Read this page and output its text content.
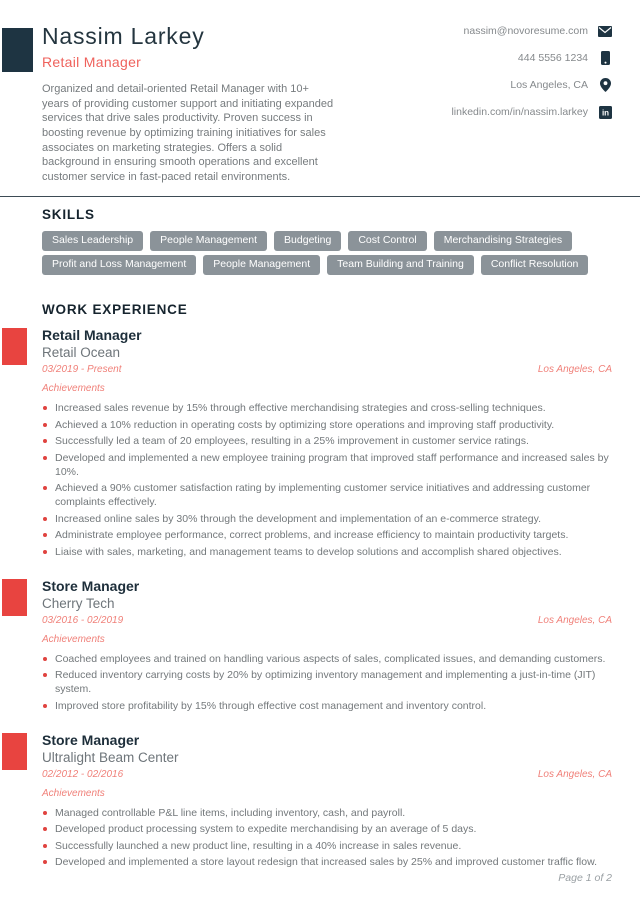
Nassim Larkey
Retail Manager

Organized and detail-oriented Retail Manager with 10+ years of providing customer support and initiating expanded services that drive sales productivity. Proven success in boosting revenue by optimizing training initiatives for sales associates on marketing strategies. Offers a solid background in ensuring smooth operations and excellent customer service in fast-paced retail environments.

nassim@novoresume.com
444 5556 1234
Los Angeles, CA
linkedin.com/in/nassim.larkey in
SKILLS
Sales Leadership	People Management	Budgeting	Cost Control	Merchandising Strategies
Profit and Loss Management	People Management	Team Building and Training	Conflict Resolution
WORK EXPERIENCE
Retail Manager
Retail Ocean
03/2019 - Present	Los Angeles, CA
Achievements
Increased sales revenue by 15% through effective merchandising strategies and cross-selling techniques.
Achieved a 10% reduction in operating costs by optimizing store operations and improving staff productivity.
Successfully led a team of 20 employees, resulting in a 25% improvement in customer service ratings.
Developed and implemented a new employee training program that improved staff performance and increased sales by 10%.
Achieved a 90% customer satisfaction rating by implementing customer service initiatives and addressing customer complaints effectively.
Increased online sales by 30% through the development and implementation of an e-commerce strategy.
Administrate employee performance, correct problems, and increase efficiency to maintain productivity targets.
Liaise with sales, marketing, and management teams to develop solutions and accomplish shared objectives.
Store Manager
Cherry Tech
03/2016 - 02/2019	Los Angeles, CA
Achievements
Coached employees and trained on handling various aspects of sales, complicated issues, and demanding customers.
Reduced inventory carrying costs by 20% by optimizing inventory management and implementing a just-in-time (JIT) system.
Improved store profitability by 15% through effective cost management and inventory control.
Store Manager
Ultralight Beam Center
02/2012 - 02/2016	Los Angeles, CA
Achievements
Managed controllable P&L line items, including inventory, cash, and payroll.
Developed product processing system to expedite merchandising by an average of 5 days.
Successfully launched a new product line, resulting in a 40% increase in sales revenue.
Developed and implemented a store layout redesign that increased sales by 25% and improved customer traffic flow.
Page 1 of 2
